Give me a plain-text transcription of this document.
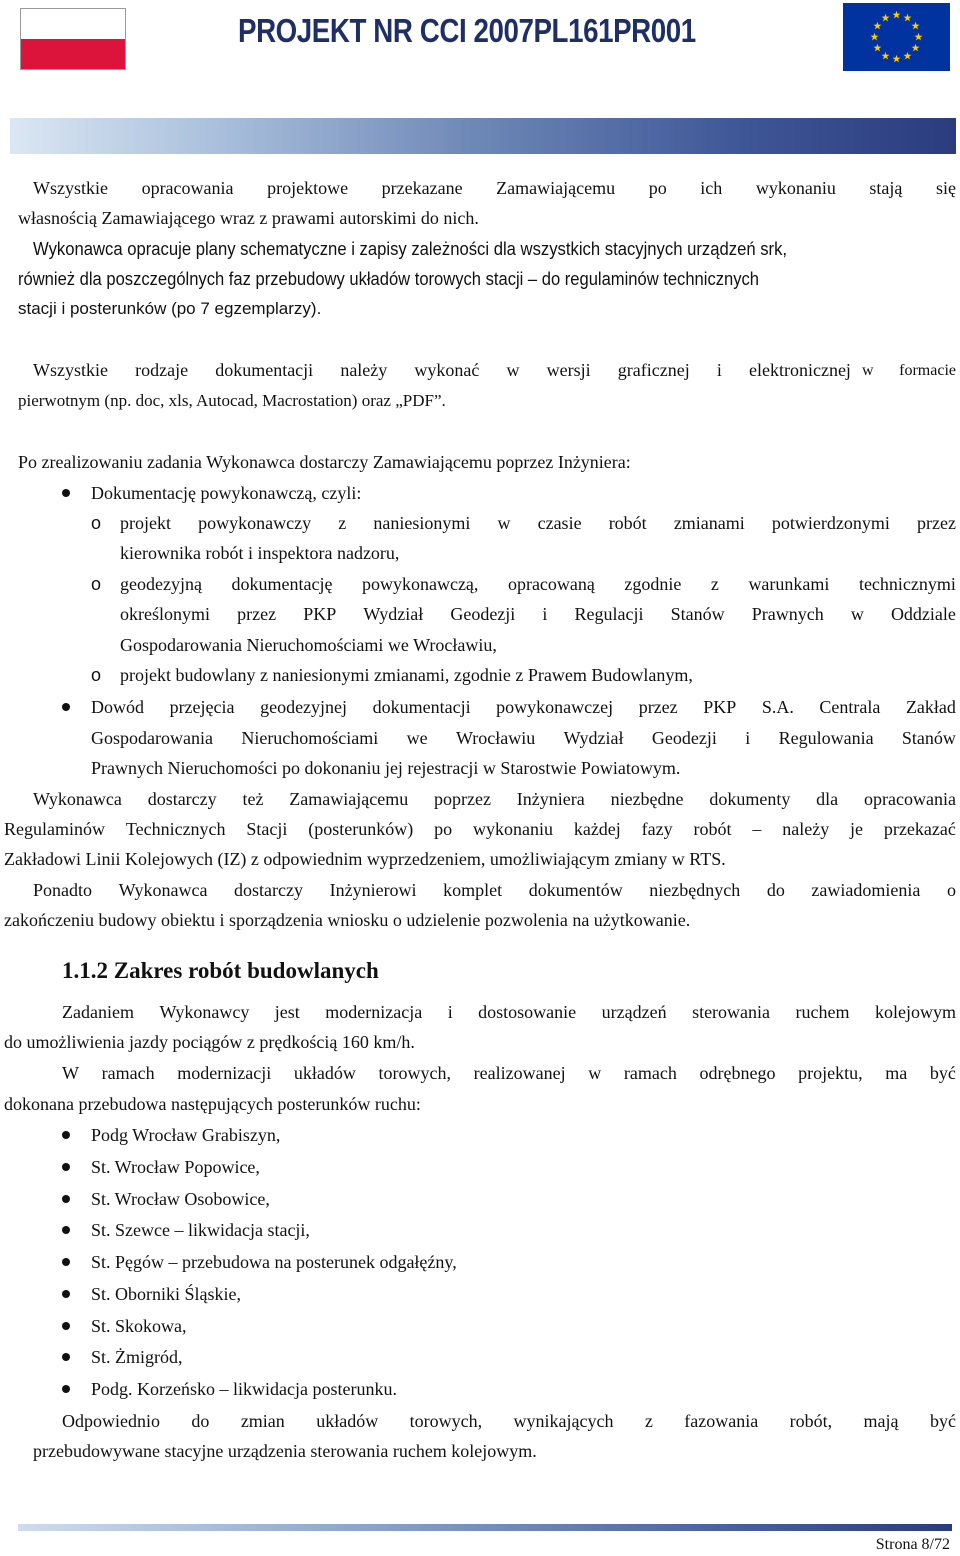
PROJEKT NR CCI 2007PL161PR001
Wszystkie opracowania projektowe przekazane Zamawiającemu po ich wykonaniu stają się
własnością Zamawiającego wraz z prawami autorskimi do nich.
Wykonawca opracuje plany schematyczne i zapisy zależności dla wszystkich stacyjnych urządzeń srk,
również dla poszczególnych faz przebudowy układów torowych stacji – do regulaminów technicznych
stacji i posterunków (po 7 egzemplarzy).
Wszystkie rodzaje dokumentacji należy wykonać w wersji graficznej i elektronicznej w formacie
pierwotnym (np. doc, xls, Autocad, Macrostation) oraz „PDF”.
Po zrealizowaniu zadania Wykonawca dostarczy Zamawiającemu poprzez Inżyniera:
Dokumentację powykonawczą, czyli:
o projekt powykonawczy z naniesionymi w czasie robót zmianami potwierdzonymi przez
kierownika robót i inspektora nadzoru,
o geodezyjną dokumentację powykonawczą, opracowaną zgodnie z warunkami technicznymi
określonymi przez PKP Wydział Geodezji i Regulacji Stanów Prawnych w Oddziale
Gospodarowania Nieruchomościami we Wrocławiu,
o projekt budowlany z naniesionymi zmianami, zgodnie z Prawem Budowlanym,
Dowód przejęcia geodezyjnej dokumentacji powykonawczej przez PKP S.A. Centrala Zakład
Gospodarowania Nieruchomościami we Wrocławiu Wydział Geodezji i Regulowania Stanów
Prawnych Nieruchomości po dokonaniu jej rejestracji w Starostwie Powiatowym.
Wykonawca dostarczy też Zamawiającemu poprzez Inżyniera niezbędne dokumenty dla opracowania
Regulaminów Technicznych Stacji (posterunków) po wykonaniu każdej fazy robót – należy je przekazać
Zakładowi Linii Kolejowych (IZ) z odpowiednim wyprzedzeniem, umożliwiającym zmiany w RTS.
Ponadto Wykonawca dostarczy Inżynierowi komplet dokumentów niezbędnych do zawiadomienia o
zakończeniu budowy obiektu i sporządzenia wniosku o udzielenie pozwolenia na użytkowanie.
1.1.2 Zakres robót budowlanych
Zadaniem Wykonawcy jest modernizacja i dostosowanie urządzeń sterowania ruchem kolejowym
do umożliwienia jazdy pociągów z prędkością 160 km/h.
W ramach modernizacji układów torowych, realizowanej w ramach odrębnego projektu, ma być
dokonana przebudowa następujących posterunków ruchu:
Podg Wrocław Grabiszyn,
St. Wrocław Popowice,
St. Wrocław Osobowice,
St. Szewce – likwidacja stacji,
St. Pęgów – przebudowa na posterunek odgałęźny,
St. Oborniki Śląskie,
St. Skokowa,
St. Żmigród,
Podg. Korzeńsko – likwidacja posterunku.
Odpowiednio do zmian układów torowych, wynikających z fazowania robót, mają być
przebudowywane stacyjne urządzenia sterowania ruchem kolejowym.
Strona 8/72
